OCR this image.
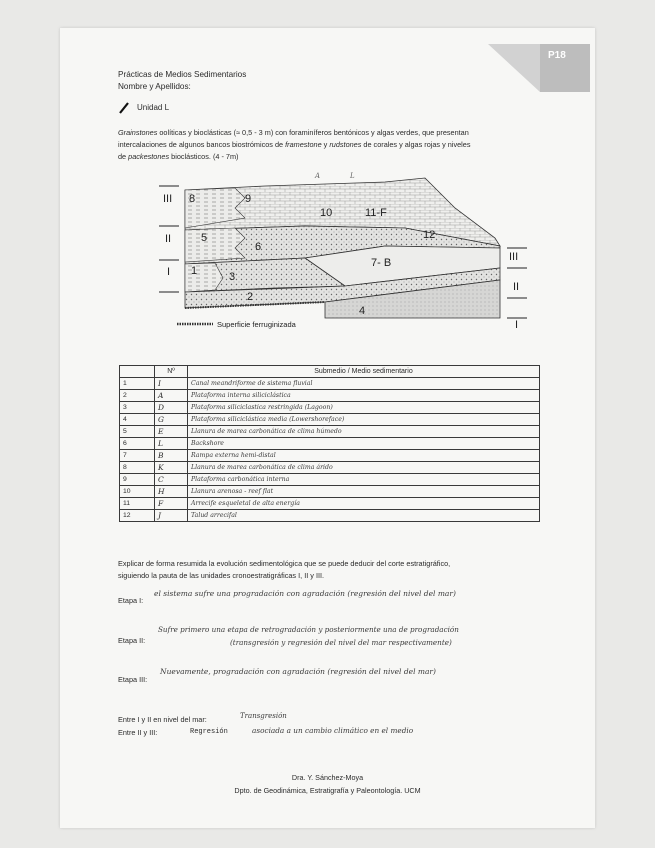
P18
Prácticas de Medios Sedimentarios
Nombre y Apellidos:
Unidad L
Grainstones oolíticas y bioclásticas (≈ 0,5 - 3 m) con foraminíferos bentónicos y algas verdes, que presentan
intercalaciones de algunos bancos biostrómicos de framestone y rudstones de corales y algas rojas y niveles
de packestones bioclásticos. (4 - 7m)
III
II
I
III
II
I
8	9
10	11-F
12
5
6
7- B
1	3
2
4
A	L
Superficie ferruginizada
	Nº	Submedio / Medio sedimentario
1	I	Canal meandriforme de sistema fluvial
2	A	Plataforma interna siliciclástica
3	D	Plataforma siliciclastica restringida (Lagoon)
4	G	Plataforma siliciclástica media (Lowershoreface)
5	E	Llanura de marea carbonática de clima húmedo
6	L	Backshore
7	B	Rampa externa hemi-distal
8	K	Llanura de marea carbonática de clima árido
9	C	Plataforma carbonática interna
10	H	Llanura arenosa - reef flat
11	F	Arrecife esqueletal de alta energía
12	J	Talud arrecifal
Explicar de forma resumida la evolución sedimentológica que se puede deducir del corte estratigráfico,
siguiendo la pauta de las unidades cronoestratigráficas I, II y III.
Etapa I:
el sistema sufre una progradación con agradación (regresión del nivel del mar)
Etapa II:
Sufre primero una etapa de retrogradación y posteriormente una de progradación
(transgresión y regresión del nivel del mar respectivamente)
Etapa III:
Nuevamente, progradación con agradación (regresión del nivel del mar)
Entre I y II en nivel del mar:	Transgresión
Entre II y III:	Regresión	asociada a un cambio climático en el medio
Dra. Y. Sánchez-Moya
Dpto. de Geodinámica, Estratigrafía y Paleontología. UCM
